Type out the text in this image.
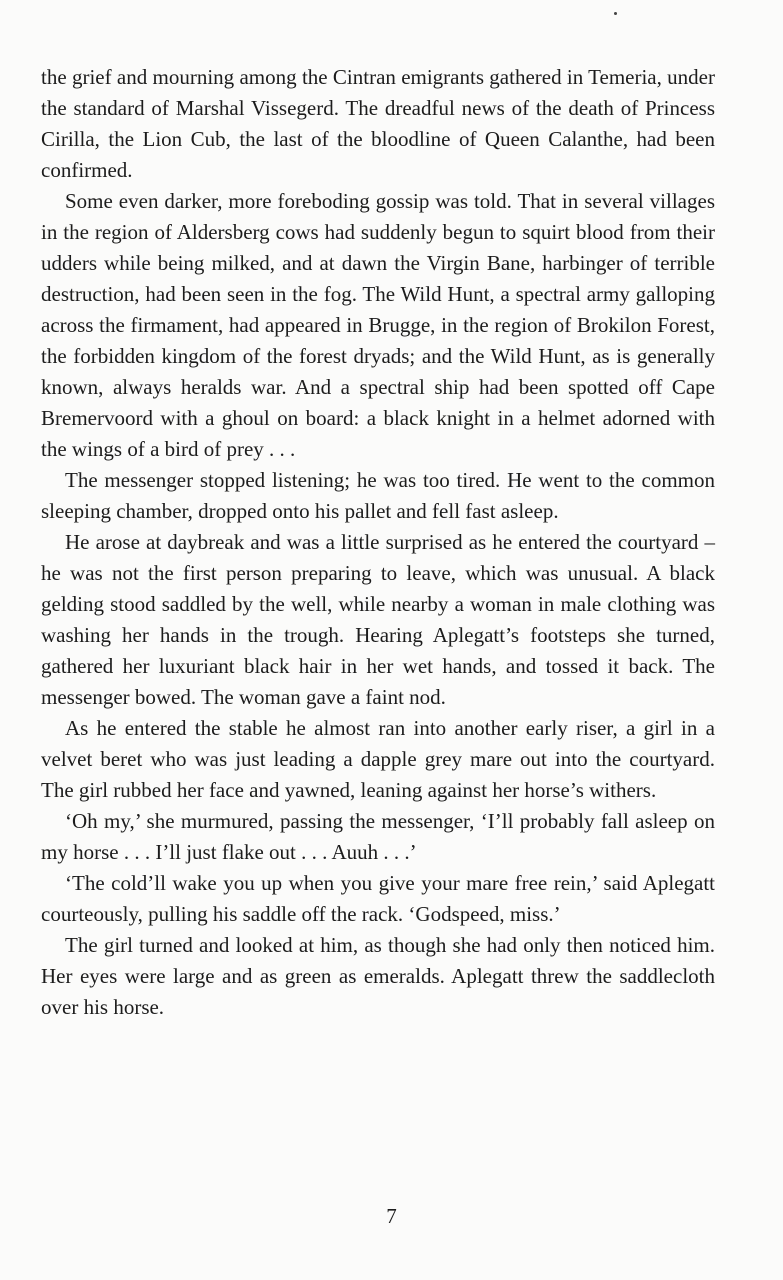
the grief and mourning among the Cintran emigrants gathered in Temeria, under the standard of Marshal Vissegerd. The dreadful news of the death of Princess Cirilla, the Lion Cub, the last of the bloodline of Queen Calanthe, had been confirmed.

Some even darker, more foreboding gossip was told. That in several villages in the region of Aldersberg cows had suddenly begun to squirt blood from their udders while being milked, and at dawn the Virgin Bane, harbinger of terrible destruction, had been seen in the fog. The Wild Hunt, a spectral army galloping across the firmament, had appeared in Brugge, in the region of Brokilon Forest, the forbidden kingdom of the forest dryads; and the Wild Hunt, as is generally known, always heralds war. And a spectral ship had been spotted off Cape Bremervoord with a ghoul on board: a black knight in a helmet adorned with the wings of a bird of prey . . .

The messenger stopped listening; he was too tired. He went to the common sleeping chamber, dropped onto his pallet and fell fast asleep.

He arose at daybreak and was a little surprised as he entered the courtyard – he was not the first person preparing to leave, which was unusual. A black gelding stood saddled by the well, while nearby a woman in male clothing was washing her hands in the trough. Hearing Aplegatt’s footsteps she turned, gathered her luxuriant black hair in her wet hands, and tossed it back. The messenger bowed. The woman gave a faint nod.

As he entered the stable he almost ran into another early riser, a girl in a velvet beret who was just leading a dapple grey mare out into the courtyard. The girl rubbed her face and yawned, leaning against her horse’s withers.

‘Oh my,’ she murmured, passing the messenger, ‘I’ll probably fall asleep on my horse . . . I’ll just flake out . . . Auuh . . .’

‘The cold’ll wake you up when you give your mare free rein,’ said Aplegatt courteously, pulling his saddle off the rack. ‘Godspeed, miss.’

The girl turned and looked at him, as though she had only then noticed him. Her eyes were large and as green as emeralds. Aplegatt threw the saddlecloth over his horse.

7
